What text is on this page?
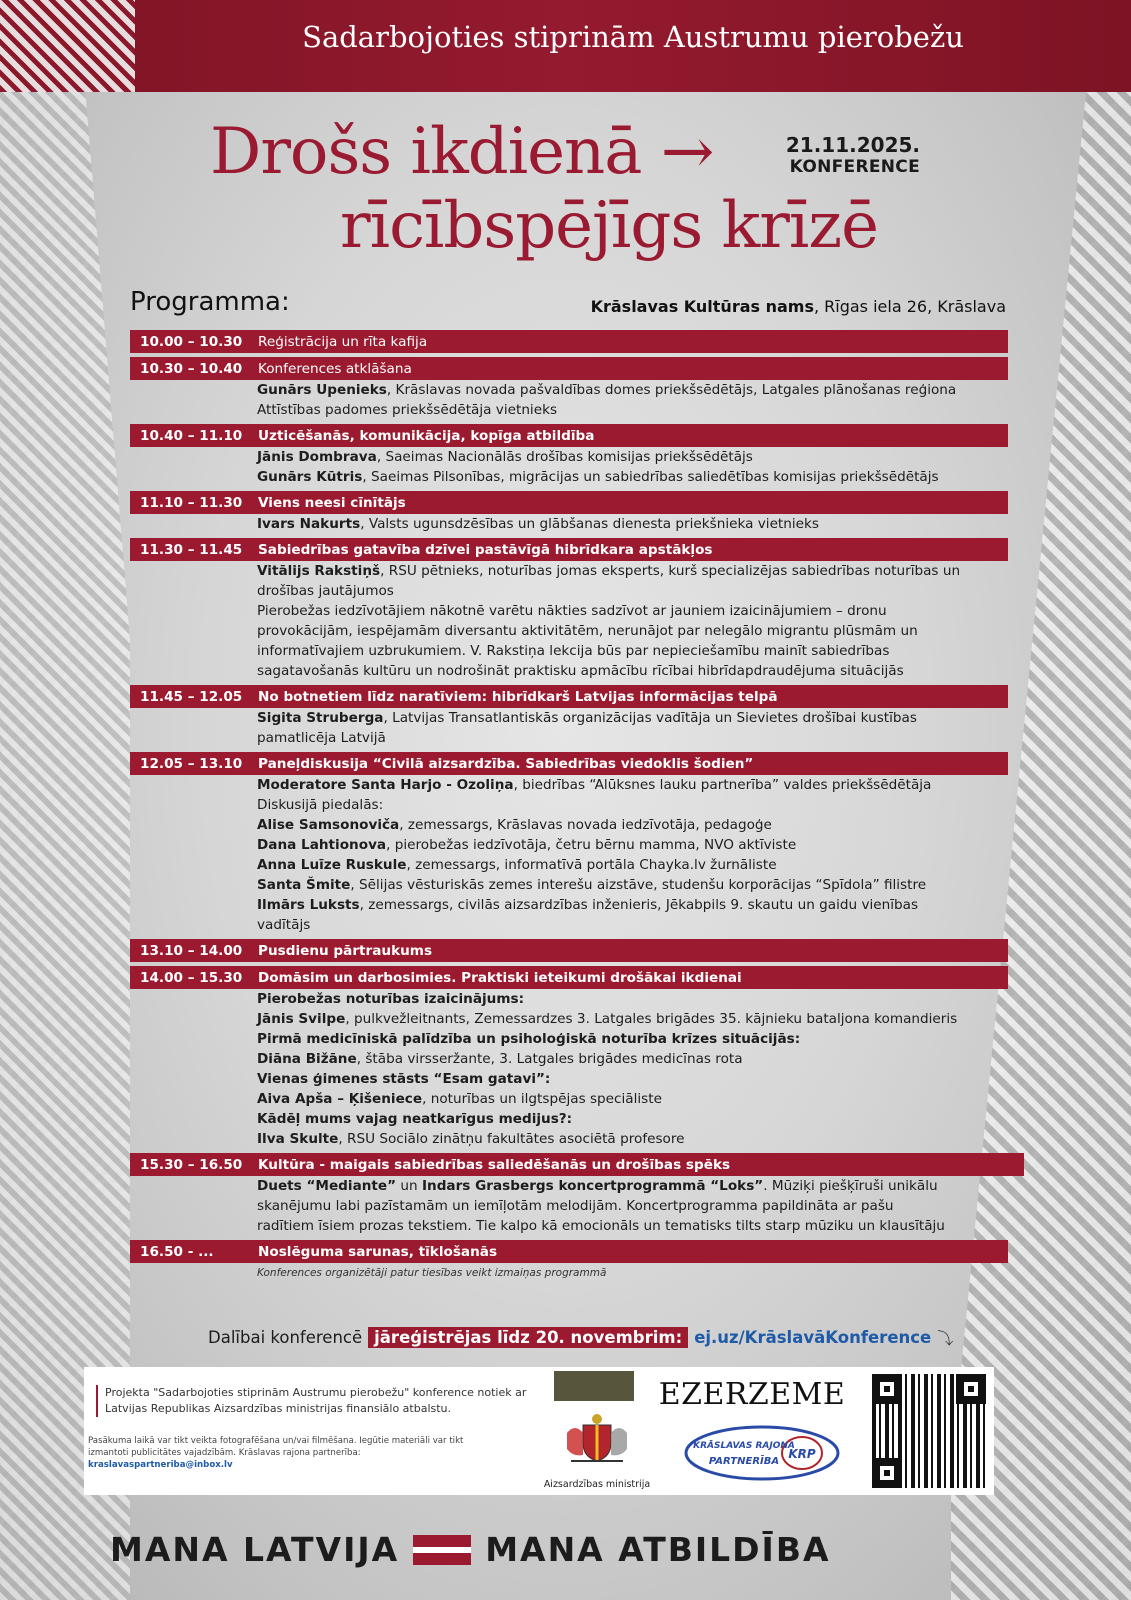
Sadarbojoties stiprinām Austrumu pierobežu
Drošs ikdienā →
rīcībspējīgs krīzē
21.11.2025.
KONFERENCE
Programma:	Krāslavas Kultūras nams, Rīgas iela 26, Krāslava
10.00 – 10.30	Reģistrācija un rīta kafija
10.30 – 10.40	Konferences atklāšana
Gunārs Upenieks, Krāslavas novada pašvaldības domes priekšsēdētājs, Latgales plānošanas reģiona
Attīstības padomes priekšsēdētāja vietnieks
10.40 – 11.10	Uzticēšanās, komunikācija, kopīga atbildība
Jānis Dombrava, Saeimas Nacionālās drošības komisijas priekšsēdētājs
Gunārs Kūtris, Saeimas Pilsonības, migrācijas un sabiedrības saliedētības komisijas priekšsēdētājs
11.10 – 11.30	Viens neesi cīnītājs
Ivars Nakurts, Valsts ugunsdzēsības un glābšanas dienesta priekšnieka vietnieks
11.30 – 11.45	Sabiedrības gatavība dzīvei pastāvīgā hibrīdkara apstākļos
Vitālijs Rakstiņš, RSU pētnieks, noturības jomas eksperts, kurš specializējas sabiedrības noturības un
drošības jautājumos
Pierobežas iedzīvotājiem nākotnē varētu nākties sadzīvot ar jauniem izaicinājumiem – dronu
provokācijām, iespējamām diversantu aktivitātēm, nerunājot par nelegālo migrantu plūsmām un
informatīvajiem uzbrukumiem. V. Rakstiņa lekcija būs par nepieciešamību mainīt sabiedrības
sagatavošanās kultūru un nodrošināt praktisku apmācību rīcībai hibrīdapdraudējuma situācijās
11.45 – 12.05	No botnetiem līdz naratīviem: hibrīdkarš Latvijas informācijas telpā
Sigita Struberga, Latvijas Transatlantiskās organizācijas vadītāja un Sievietes drošībai kustības
pamatlicēja Latvijā
12.05 – 13.10	Paneļdiskusija “Civilā aizsardzība. Sabiedrības viedoklis šodien”
Moderatore Santa Harjo - Ozoliņa, biedrības “Alūksnes lauku partnerība” valdes priekšsēdētāja
Diskusijā piedalās:
Alise Samsonoviča, zemessargs, Krāslavas novada iedzīvotāja, pedagoģe
Dana Lahtionova, pierobežas iedzīvotāja, četru bērnu mamma, NVO aktīviste
Anna Luīze Ruskule, zemessargs, informatīvā portāla Chayka.lv žurnāliste
Santa Šmite, Sēlijas vēsturiskās zemes interešu aizstāve, studenšu korporācijas “Spīdola” filistre
Ilmārs Luksts, zemessargs, civilās aizsardzības inženieris, Jēkabpils 9. skautu un gaidu vienības
vadītājs
13.10 – 14.00	Pusdienu pārtraukums
14.00 – 15.30	Domāsim un darbosimies. Praktiski ieteikumi drošākai ikdienai
Pierobežas noturības izaicinājums:
Jānis Svilpe, pulkvežleitnants, Zemessardzes 3. Latgales brigādes 35. kājnieku bataljona komandieris
Pirmā medicīniskā palīdzība un psiholoģiskā noturība krīzes situācijās:
Diāna Bižāne, štāba virsseržante, 3. Latgales brigādes medicīnas rota
Vienas ģimenes stāsts “Esam gatavi”:
Aiva Apša – Ķišeniece, noturības un ilgtspējas speciāliste
Kādēļ mums vajag neatkarīgus medijus?:
Ilva Skulte, RSU Sociālo zinātņu fakultātes asociētā profesore
15.30 – 16.50	Kultūra - maigais sabiedrības saliedēšanās un drošības spēks
Duets “Mediante” un Indars Grasbergs koncertprogrammā “Loks”. Mūziķi piešķīruši unikālu
skanējumu labi pazīstamām un iemīļotām melodijām. Koncertprogramma papildināta ar pašu
radītiem īsiem prozas tekstiem. Tie kalpo kā emocionāls un tematisks tilts starp mūziku un klausītāju
16.50 - ...	Noslēguma sarunas, tīklošanās
Konferences organizētāji patur tiesības veikt izmaiņas programmā
Dalībai konferencē jāreģistrējas līdz 20. novembrim: ej.uz/KrāslavāKonference ⤵
Projekta "Sadarbojoties stiprinām Austrumu pierobežu" konference notiek ar Latvijas Republikas Aizsardzības ministrijas finansiālo atbalstu.
Pasākuma laikā var tikt veikta fotografēšana un/vai filmēšana. Iegūtie materiāli var tikt izmantoti publicitātes vajadzībām. Krāslavas rajona partnerība:
kraslavaspartneriba@inbox.lv
Aizsardzības ministrija
EZERZEME
KRĀSLAVAS RAJONA
PARTNERĪBA
KRP
MANA LATVIJA	MANA ATBILDĪBA
